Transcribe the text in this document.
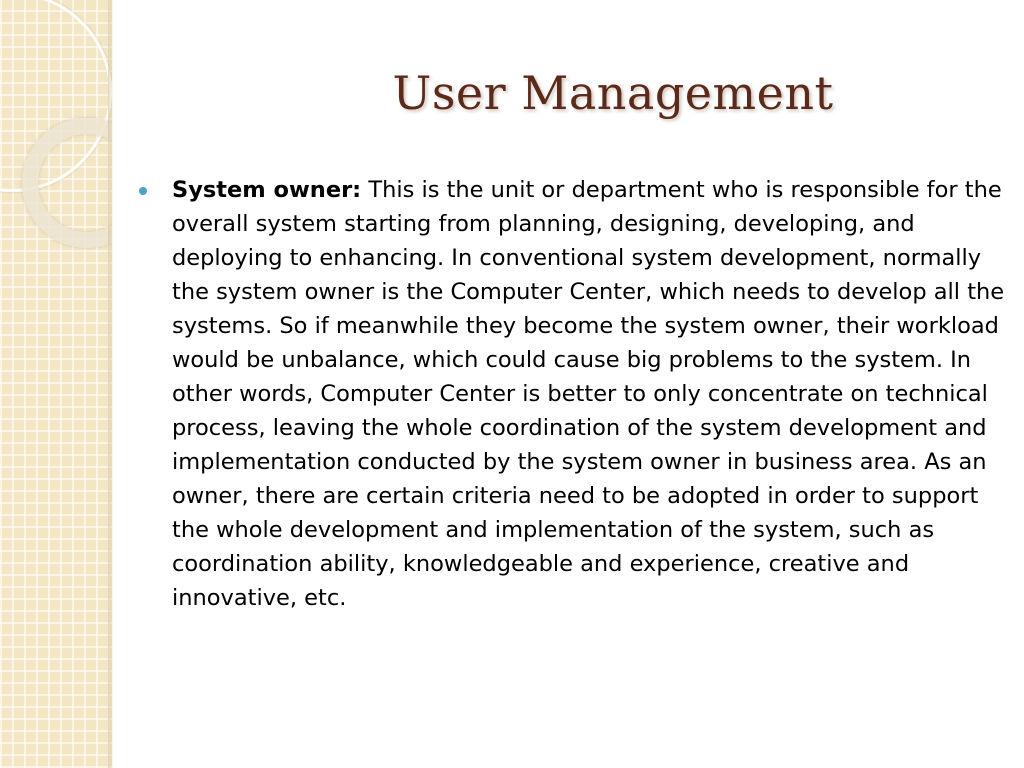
User Management
System owner: This is the unit or department who is responsible for the overall system starting from planning, designing, developing, and deploying to enhancing. In conventional system development, normally the system owner is the Computer Center, which needs to develop all the systems. So if meanwhile they become the system owner, their workload would be unbalance, which could cause big problems to the system. In other words, Computer Center is better to only concentrate on technical process, leaving the whole coordination of the system development and implementation conducted by the system owner in business area. As an owner, there are certain criteria need to be adopted in order to support the whole development and implementation of the system, such as coordination ability, knowledgeable and experience, creative and innovative, etc.
